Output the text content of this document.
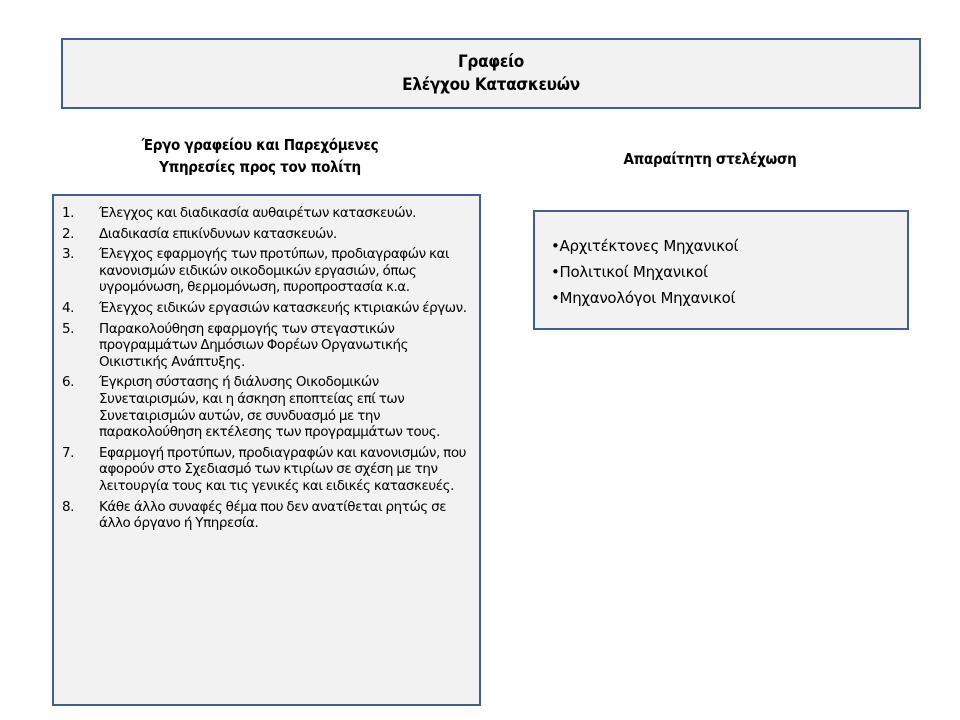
Γραφείο
Ελέγχου Κατασκευών
Έργο γραφείου και Παρεχόμενες
Υπηρεσίες προς τον πολίτη	Απαραίτητη στελέχωση
1. Έλεγχος και διαδικασία αυθαιρέτων κατασκευών.
2. Διαδικασία επικίνδυνων κατασκευών.
3. Έλεγχος εφαρμογής των προτύπων, προδιαγραφών και κανονισμών ειδικών οικοδομικών εργασιών, όπως υγρομόνωση, θερμομόνωση, πυροπροστασία κ.α.
4. Έλεγχος ειδικών εργασιών κατασκευής κτιριακών έργων.
5. Παρακολούθηση εφαρμογής των στεγαστικών προγραμμάτων Δημόσιων Φορέων Οργανωτικής Οικιστικής Ανάπτυξης.
6. Έγκριση σύστασης ή διάλυσης Οικοδομικών Συνεταιρισμών, και η άσκηση εποπτείας επί των Συνεταιρισμών αυτών, σε συνδυασμό με την παρακολούθηση εκτέλεσης των προγραμμάτων τους.
7. Εφαρμογή προτύπων, προδιαγραφών και κανονισμών, που αφορούν στο Σχεδιασμό των κτιρίων σε σχέση με την λειτουργία τους και τις γενικές και ειδικές κατασκευές.
8. Κάθε άλλο συναφές θέμα που δεν ανατίθεται ρητώς σε άλλο όργανο ή Υπηρεσία.
•Αρχιτέκτονες Μηχανικοί
•Πολιτικοί Μηχανικοί
•Μηχανολόγοι Μηχανικοί
